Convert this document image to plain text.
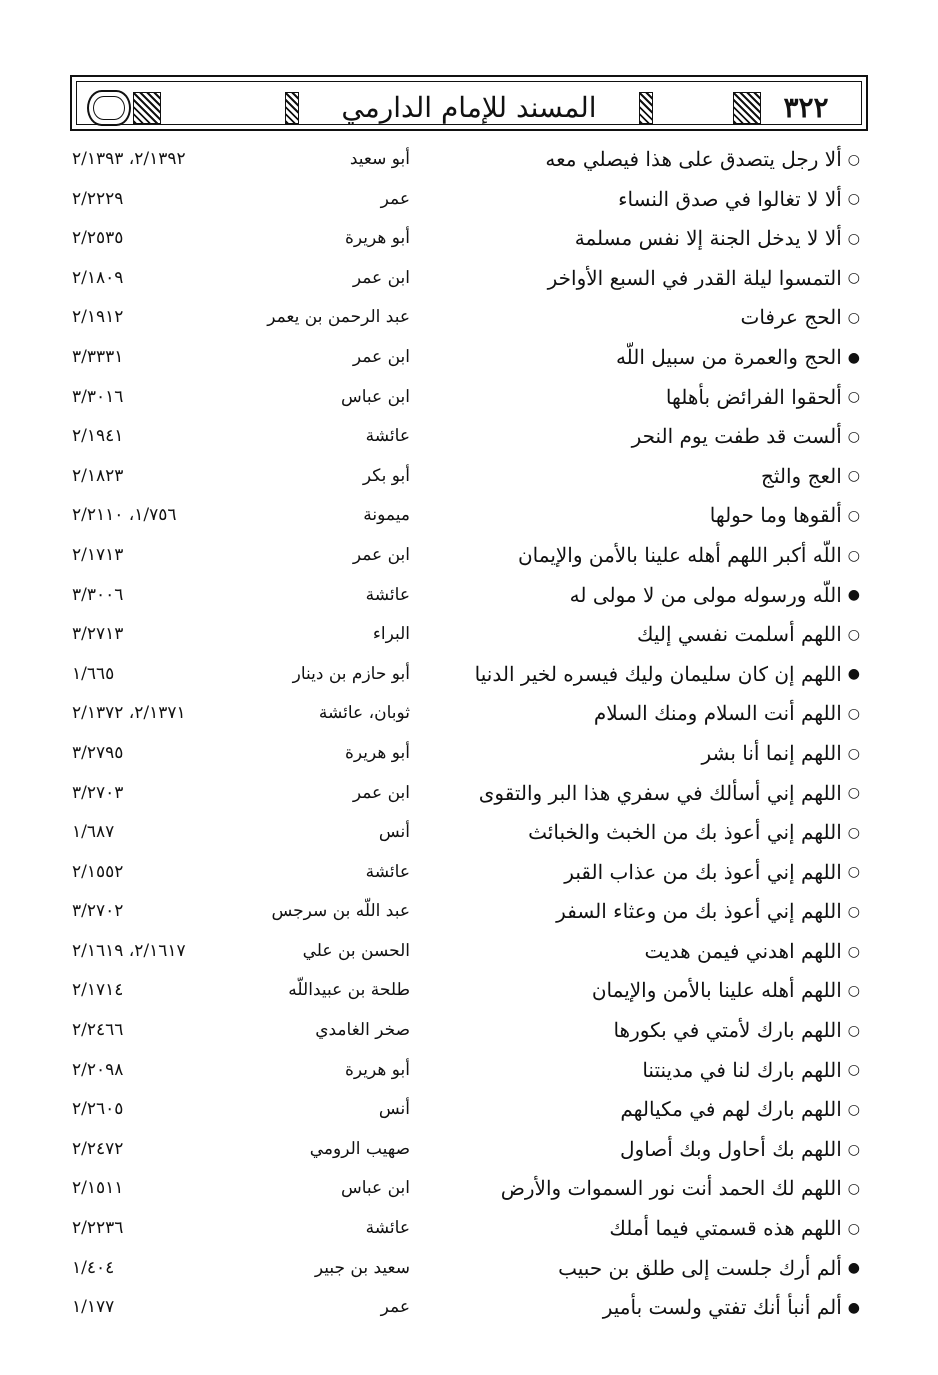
المسند للإمام الدارمي	٣٢٢
○ألا رجل يتصدق على هذا فيصلي معه
أبو سعيد
٢/١٣٩٢، ٢/١٣٩٣
○ألا لا تغالوا في صدق النساء
عمر
٢/٢٢٢٩
○ألا لا يدخل الجنة إلا نفس مسلمة
أبو هريرة
٢/٢٥٣٥
○التمسوا ليلة القدر في السبع الأواخر
ابن عمر
٢/١٨٠٩
○الحج عرفات
عبد الرحمن بن يعمر
٢/١٩١٢
●الحج والعمرة من سبيل اللّه
ابن عمر
٣/٣٣٣١
○ألحقوا الفرائض بأهلها
ابن عباس
٣/٣٠١٦
○ألست قد طفت يوم النحر
عائشة
٢/١٩٤١
○العج والثج
أبو بكر
٢/١٨٢٣
○ألقوها وما حولها
ميمونة
١/٧٥٦، ٢/٢١١٠
○اللّه أكبر اللهم أهله علينا بالأمن والإيمان
ابن عمر
٢/١٧١٣
●اللّه ورسوله مولى من لا مولى له
عائشة
٣/٣٠٠٦
○اللهم أسلمت نفسي إليك
البراء
٣/٢٧١٣
●اللهم إن كان سليمان وليك فيسره لخير الدنيا
أبو حازم بن دينار
١/٦٦٥
○اللهم أنت السلام ومنك السلام
ثوبان، عائشة
٢/١٣٧١، ٢/١٣٧٢
○اللهم إنما أنا بشر
أبو هريرة
٣/٢٧٩٥
○اللهم إني أسألك في سفري هذا البر والتقوى
ابن عمر
٣/٢٧٠٣
○اللهم إني أعوذ بك من الخبث والخبائث
أنس
١/٦٨٧
○اللهم إني أعوذ بك من عذاب القبر
عائشة
٢/١٥٥٢
○اللهم إني أعوذ بك من وعثاء السفر
عبد اللّه بن سرجس
٣/٢٧٠٢
○اللهم اهدني فيمن هديت
الحسن بن علي
٢/١٦١٧، ٢/١٦١٩
○اللهم أهله علينا بالأمن والإيمان
طلحة بن عبيداللّه
٢/١٧١٤
○اللهم بارك لأمتي في بكورها
صخر الغامدي
٢/٢٤٦٦
○اللهم بارك لنا في مدينتنا
أبو هريرة
٢/٢٠٩٨
○اللهم بارك لهم في مكيالهم
أنس
٢/٢٦٠٥
○اللهم بك أحاول وبك أصاول
صهيب الرومي
٢/٢٤٧٢
○اللهم لك الحمد أنت نور السموات والأرض
ابن عباس
٢/١٥١١
○اللهم هذه قسمتي فيما أملك
عائشة
٢/٢٢٣٦
●ألم أرك جلست إلى طلق بن حبيب
سعيد بن جبير
١/٤٠٤
●ألم أنبأ أنك تفتي ولست بأمير
عمر
١/١٧٧
